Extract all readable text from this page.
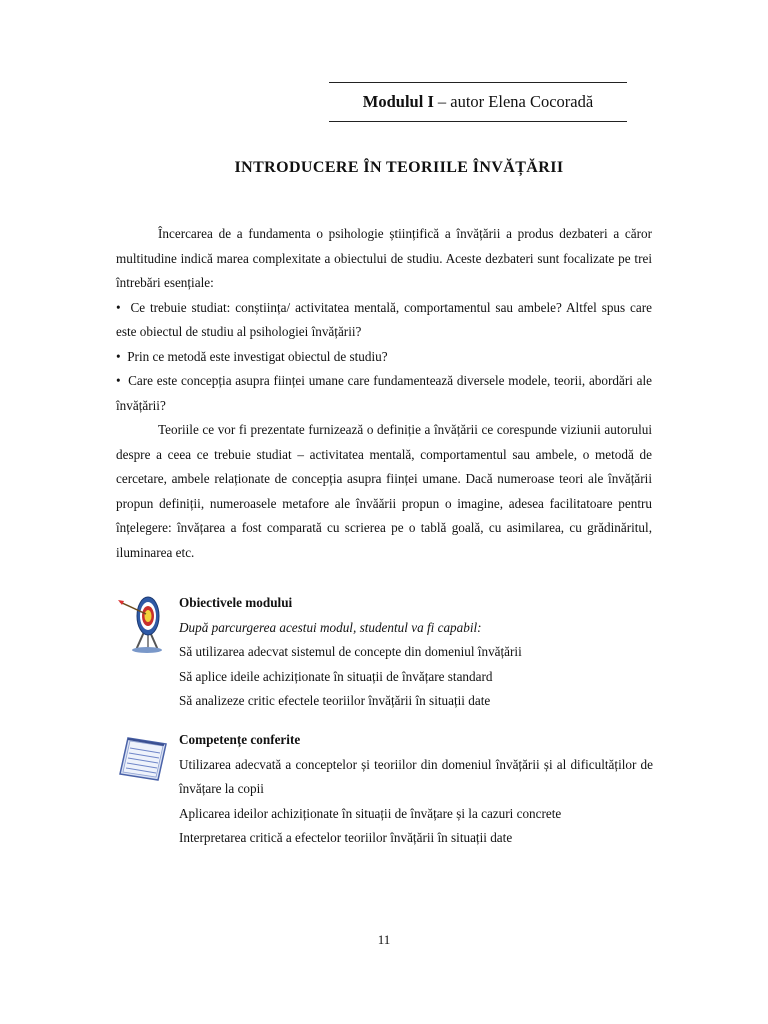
Modulul I – autor Elena Cocoradă
INTRODUCERE ÎN TEORIILE ÎNVĂȚĂRII

Încercarea de a fundamenta o psihologie științifică a învățării a produs dezbateri a căror multitudine indică marea complexitate a obiectului de studiu. Aceste dezbateri sunt focalizate pe trei întrebări esențiale:

•  Ce trebuie studiat: conștiința/ activitatea mentală, comportamentul sau ambele? Altfel spus care este obiectul de studiu al psihologiei învățării?

•  Prin ce metodă este investigat obiectul de studiu?

•  Care este concepția asupra ființei umane care fundamentează diversele modele, teorii, abordări ale învățării?

Teoriile ce vor fi prezentate furnizează o definiție a învățării ce corespunde viziunii autorului despre a ceea ce trebuie studiat – activitatea mentală, comportamentul sau ambele, o metodă de cercetare, ambele relaționate de concepția asupra ființei umane. Dacă numeroase teori ale învățării propun definiții, numeroasele metafore ale învăării propun o imagine, adesea facilitatoare pentru înțelegere: învățarea a fost comparată cu scrierea pe o tablă goală, cu asimilarea, cu grădinăritul, iluminarea etc.

Obiectivele modului
După parcurgerea acestui modul, studentul va fi capabil:
Să utilizarea adecvat sistemul de concepte din domeniul învățării
Să aplice ideile achiziționate în situații de învățare standard
Să analizeze critic efectele teoriilor învățării în situații date
Competențe conferite
Utilizarea adecvată a conceptelor și teoriilor din domeniul învățării și al dificultăților de învățare la copii
Aplicarea ideilor achiziționate în situații de învățare și la cazuri concrete
Interpretarea critică a efectelor teoriilor învățării în situații date
11
